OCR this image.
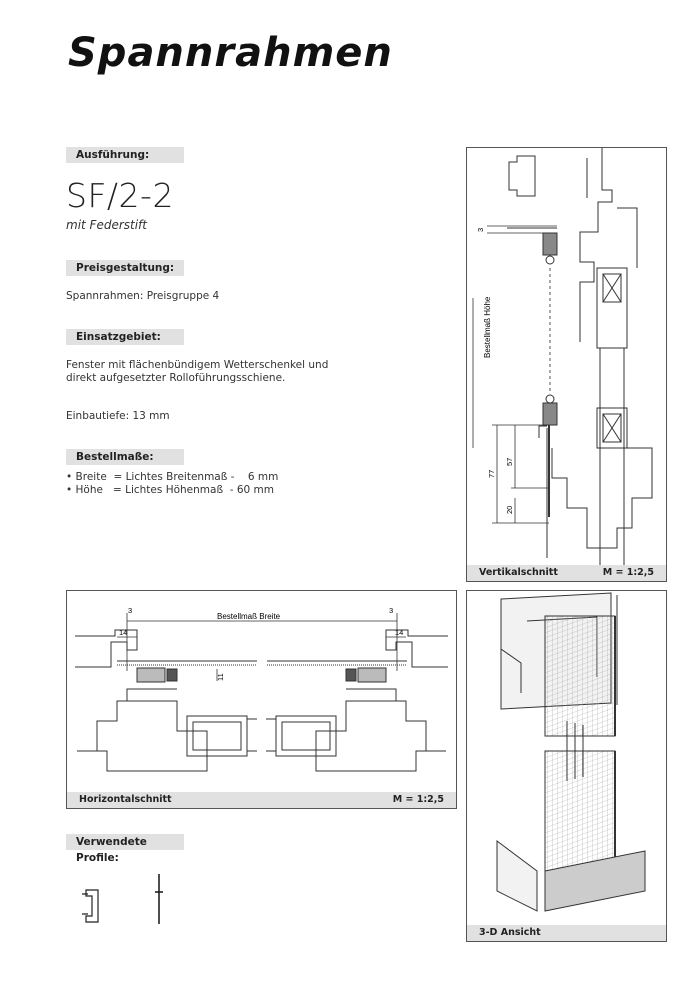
Spannrahmen
Ausführung:
SF/2-2
mit Federstift
Preisgestaltung:
Spannrahmen: Preisgruppe 4
Einsatzgebiet:
Fenster mit flächenbündigem Wetterschenkel und direkt aufgesetzter Rolloführungsschiene.
Einbautiefe: 13 mm
Bestellmaße:
• Breite  = Lichtes Breitenmaß -    6 mm
• Höhe   = Lichtes Höhenmaß  - 60 mm
Bestellmaß Höhe
3
77
57
20
Vertikalschnitt	M = 1:2,5
Bestellmaß Breite
3
14
3
14
11
Horizontalschnitt	M = 1:2,5
3-D Ansicht
Verwendete Profile:
